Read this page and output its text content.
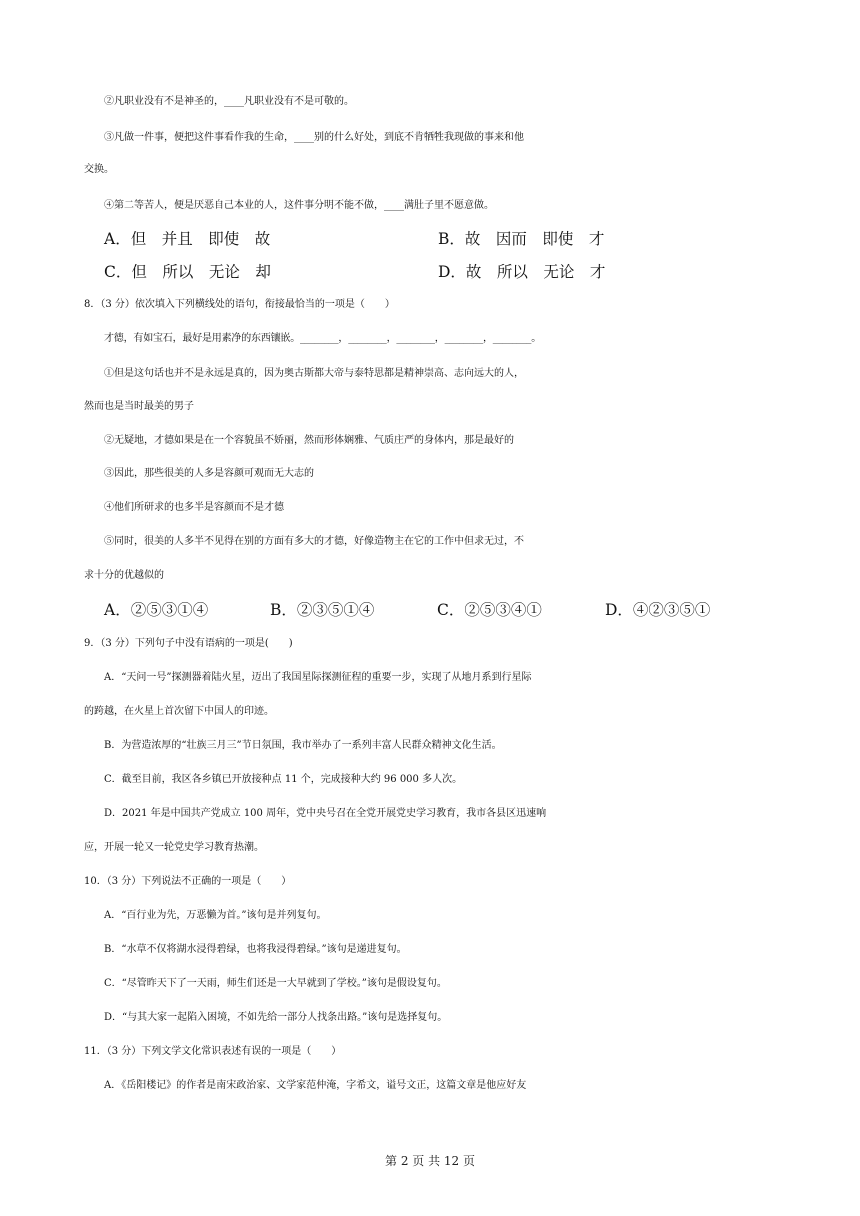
②凡职业没有不是神圣的，____凡职业没有不是可敬的。
③凡做一件事，便把这件事看作我的生命，____别的什么好处，到底不肯牺牲我现做的事来和他
交换。
④第二等苦人，便是厌恶自己本业的人，这件事分明不能不做，____满肚子里不愿意做。
A．但　并且　即使　故	B．故　因而　即使　才
C．但　所以　无论　却	D．故　所以　无论　才
8．（3 分）依次填入下列横线处的语句，衔接最恰当的一项是（　　）
才德，有如宝石，最好是用素净的东西镶嵌。________，________，________，________，________。
①但是这句话也并不是永远是真的，因为奥古斯都大帝与泰特思都是精神崇高、志向远大的人，
然而也是当时最美的男子
②无疑地，才德如果是在一个容貌虽不娇丽，然而形体娴雅、气质庄严的身体内，那是最好的
③因此，那些很美的人多是容颜可观而无大志的
④他们所研求的也多半是容颜而不是才德
⑤同时，很美的人多半不见得在别的方面有多大的才德，好像造物主在它的工作中但求无过，不
求十分的优越似的
A．②⑤③①④	B．②③⑤①④	C．②⑤③④①	D．④②③⑤①
9．（3 分）下列句子中没有语病的一项是(　　)
A．“天问一号”探测器着陆火星，迈出了我国星际探测征程的重要一步，实现了从地月系到行星际
的跨越，在火星上首次留下中国人的印迹。
B．为营造浓厚的“壮族三月三”节日氛围，我市举办了一系列丰富人民群众精神文化生活。
C．截至目前，我区各乡镇已开放接种点 11 个，完成接种大约 96 000 多人次。
D．2021 年是中国共产党成立 100 周年，党中央号召在全党开展党史学习教育，我市各县区迅速响
应，开展一轮又一轮党史学习教育热潮。
10．（3 分）下列说法不正确的一项是（　　）
A．“百行业为先，万恶懒为首。”该句是并列复句。
B．“水草不仅将湖水浸得碧绿，也将我浸得碧绿。”该句是递进复句。
C．“尽管昨天下了一天雨，师生们还是一大早就到了学校。”该句是假设复句。
D．“与其大家一起陷入困境，不如先给一部分人找条出路。”该句是选择复句。
11．（3 分）下列文学文化常识表述有误的一项是（　　）
A．《岳阳楼记》的作者是南宋政治家、文学家范仲淹，字希文，谥号文正，这篇文章是他应好友
第 2 页 共 12 页
